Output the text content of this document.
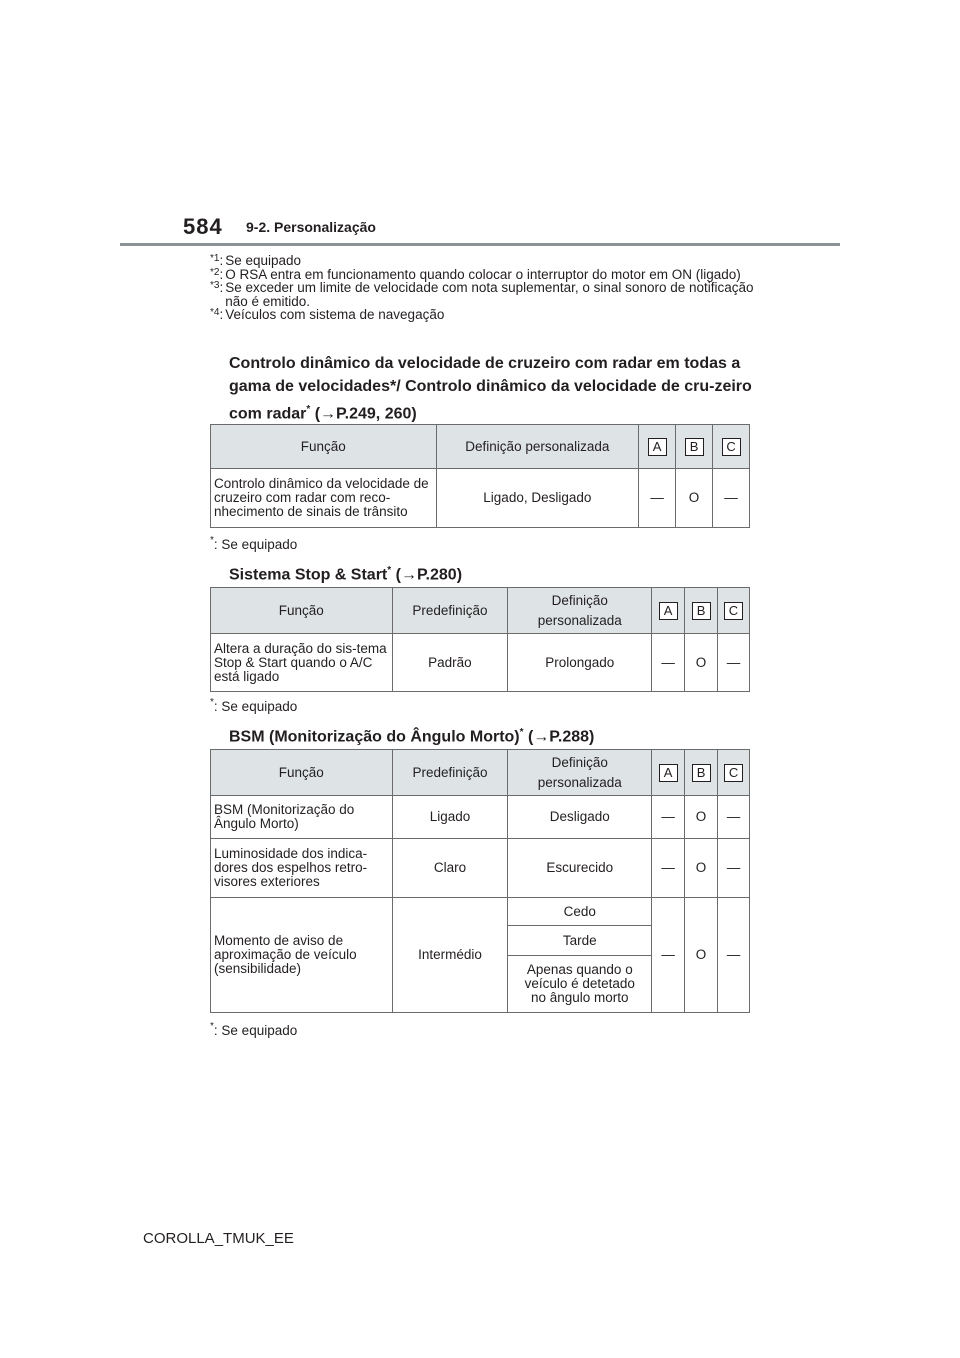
584 9-2. Personalização
$^{*1}$: Se equipado
$^{*2}$: O RSA entra em funcionamento quando colocar o interruptor do motor em ON (ligado)
$^{*3}$: Se exceder um limite de velocidade com nota suplementar, o sinal sonoro de notificação não é emitido.
$^{*4}$: Veículos com sistema de navegação
Controlo dinâmico da velocidade de cruzeiro com radar em todas a gama de velocidades*/ Controlo dinâmico da velocidade de cru-zeiro com radar* (→P.249, 260)
Função	Definição personalizada	A	B	C
Controlo dinâmico da velocidade de cruzeiro com radar com reco-nhecimento de sinais de trânsito	Ligado, Desligado	—	O	—
*: Se equipado
Sistema Stop & Start* (→P.280)
Função	Predefinição	Definição personalizada	A	B	C
Altera a duração do sis-tema Stop & Start quando o A/C está ligado	Padrão	Prolongado	—	O	—
*: Se equipado
BSM (Monitorização do Ângulo Morto)* (→P.288)
Função	Predefinição	Definição personalizada	A	B	C
BSM (Monitorização do Ângulo Morto)	Ligado	Desligado	—	O	—
Luminosidade dos indica-dores dos espelhos retro-visores exteriores	Claro	Escurecido	—	O	—
Momento de aviso de aproximação de veículo (sensibilidade)	Intermédio	Cedo	—	O	—
		Tarde			
		Apenas quando o veículo é detetado no ângulo morto			
*: Se equipado
COROLLA_TMUK_EE
